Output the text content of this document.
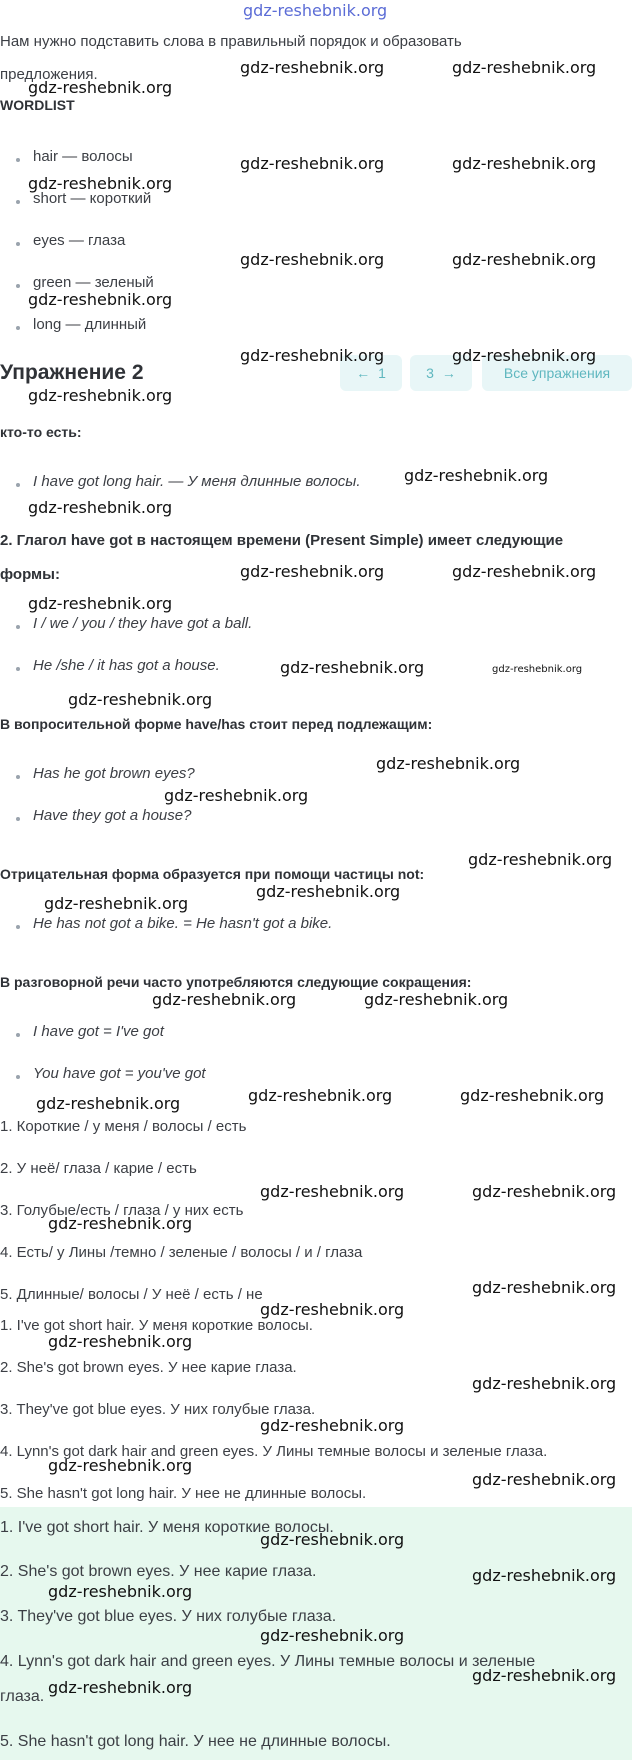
gdz-reshebnik.org
Нам нужно подставить слова в правильный порядок и образовать
предложения.
WORDLIST
hair — волосы
short — короткий
eyes — глаза
green — зеленый
long — длинный
Упражнение 2	← 1	3 →	Все упражнения
кто-то есть:
I have got long hair. — У меня длинные волосы.
2. Глагол have got в настоящем времени (Present Simple) имеет следующие
формы:
I / we / you / they have got a ball.
He /she / it has got a house.
В вопросительной форме have/has стоит перед подлежащим:
Has he got brown eyes?
Have they got a house?
Отрицательная форма образуется при помощи частицы not:
He has not got a bike. = He hasn't got a bike.
В разговорной речи часто употребляются следующие сокращения:
I have got = I've got
You have got = you've got
1. Короткие / у меня / волосы / есть
2. У неё/ глаза / карие / есть
3. Голубые/есть / глаза / у них есть
4. Есть/ у Лины /темно / зеленые / волосы / и / глаза
5. Длинные/ волосы / У неё / есть / не
1. I've got short hair. У меня короткие волосы.
2. She's got brown eyes. У нее карие глаза.
3. They've got blue eyes. У них голубые глаза.
4. Lynn's got dark hair and green eyes. У Лины темные волосы и зеленые глаза.
5. She hasn't got long hair. У нее не длинные волосы.
1. I've got short hair. У меня короткие волосы.
2. She's got brown eyes. У нее карие глаза.
3. They've got blue eyes. У них голубые глаза.
4. Lynn's got dark hair and green eyes. У Лины темные волосы и зеленые
глаза.
5. She hasn't got long hair. У нее не длинные волосы.
gdz-reshebnik.org	gdz-reshebnik.org
gdz-reshebnik.org
gdz-reshebnik.org	gdz-reshebnik.org
gdz-reshebnik.org
gdz-reshebnik.org	gdz-reshebnik.org
gdz-reshebnik.org
gdz-reshebnik.org	gdz-reshebnik.org
gdz-reshebnik.org
gdz-reshebnik.org
gdz-reshebnik.org
gdz-reshebnik.org	gdz-reshebnik.org
gdz-reshebnik.org
gdz-reshebnik.org	gdz-reshebnik.org
gdz-reshebnik.org
gdz-reshebnik.org
gdz-reshebnik.org
gdz-reshebnik.org
gdz-reshebnik.org
gdz-reshebnik.org
gdz-reshebnik.org	gdz-reshebnik.org
gdz-reshebnik.org	gdz-reshebnik.org
gdz-reshebnik.org
gdz-reshebnik.org	gdz-reshebnik.org
gdz-reshebnik.org
gdz-reshebnik.org
gdz-reshebnik.org
gdz-reshebnik.org
gdz-reshebnik.org
gdz-reshebnik.org
gdz-reshebnik.org
gdz-reshebnik.org
gdz-reshebnik.org
gdz-reshebnik.org
gdz-reshebnik.org
gdz-reshebnik.org
gdz-reshebnik.org
gdz-reshebnik.org
